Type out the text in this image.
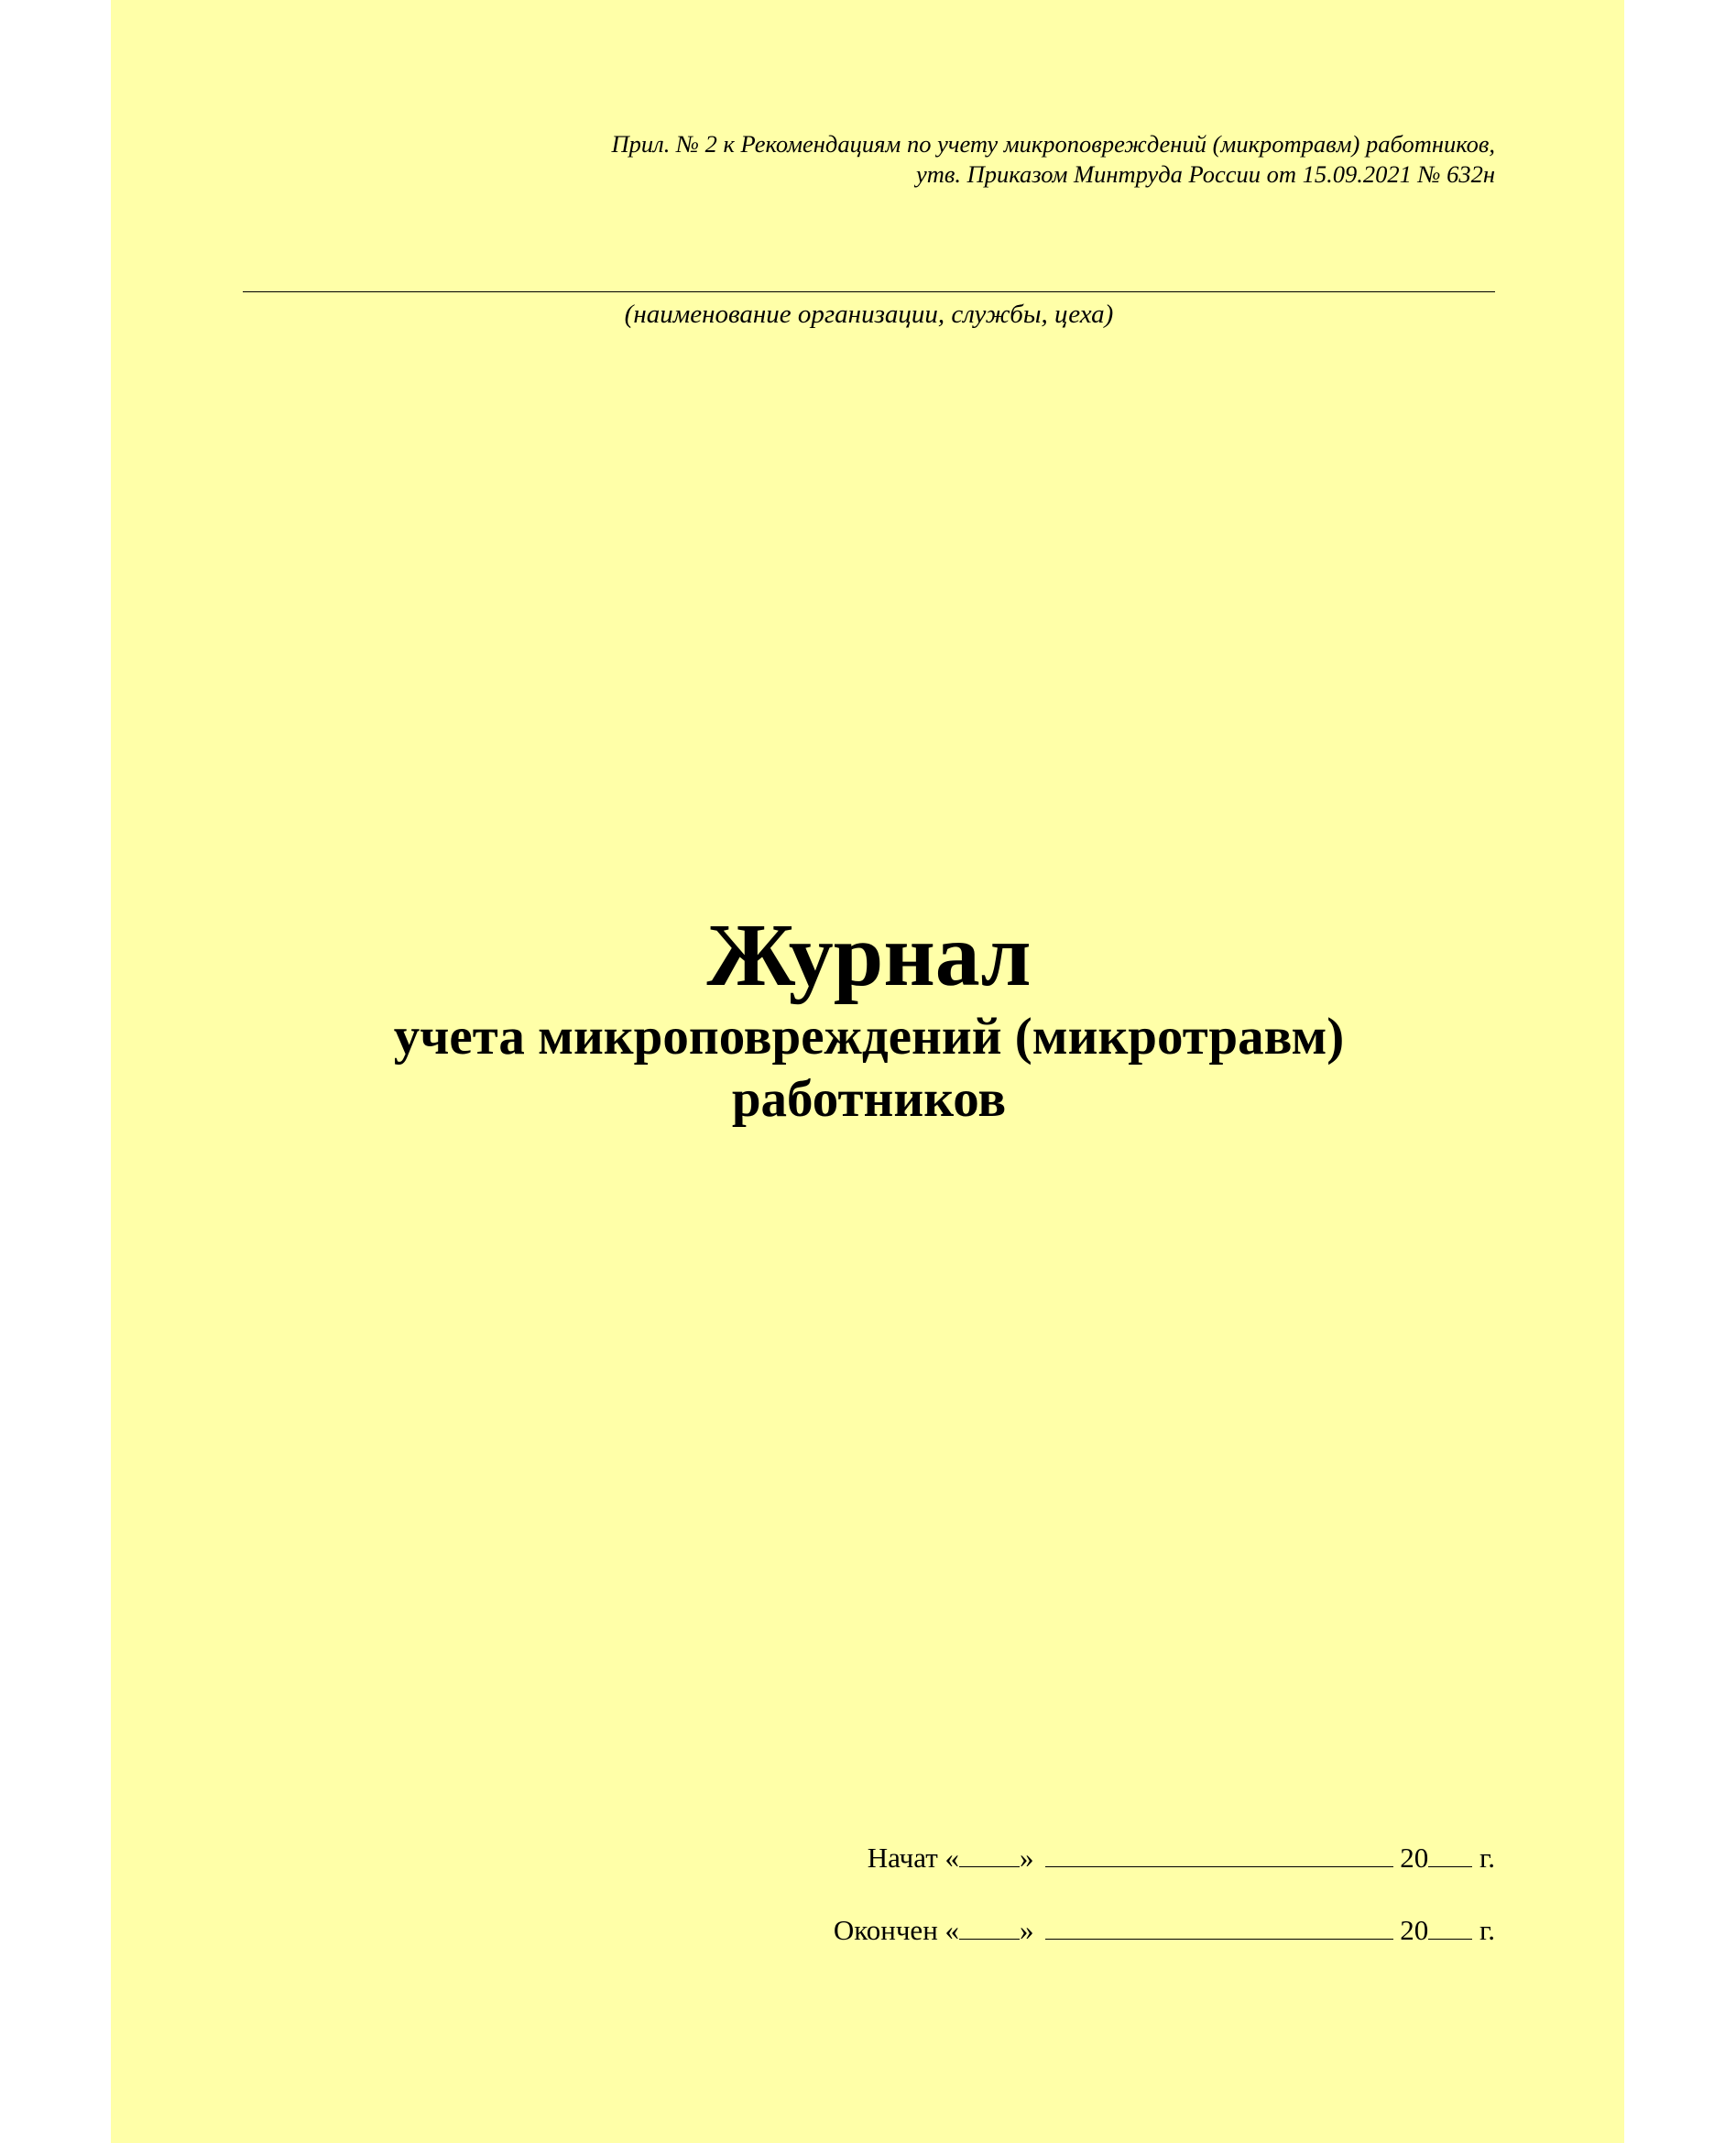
Прил. № 2 к Рекомендациям по учету микроповреждений (микротравм) работников,
утв. Приказом Минтруда России от 15.09.2021 № 632н
(наименование организации, службы, цеха)
Журнал
учета микроповреждений (микротравм)
работников
Начат « »	20 г.
Окончен « »	20 г.
